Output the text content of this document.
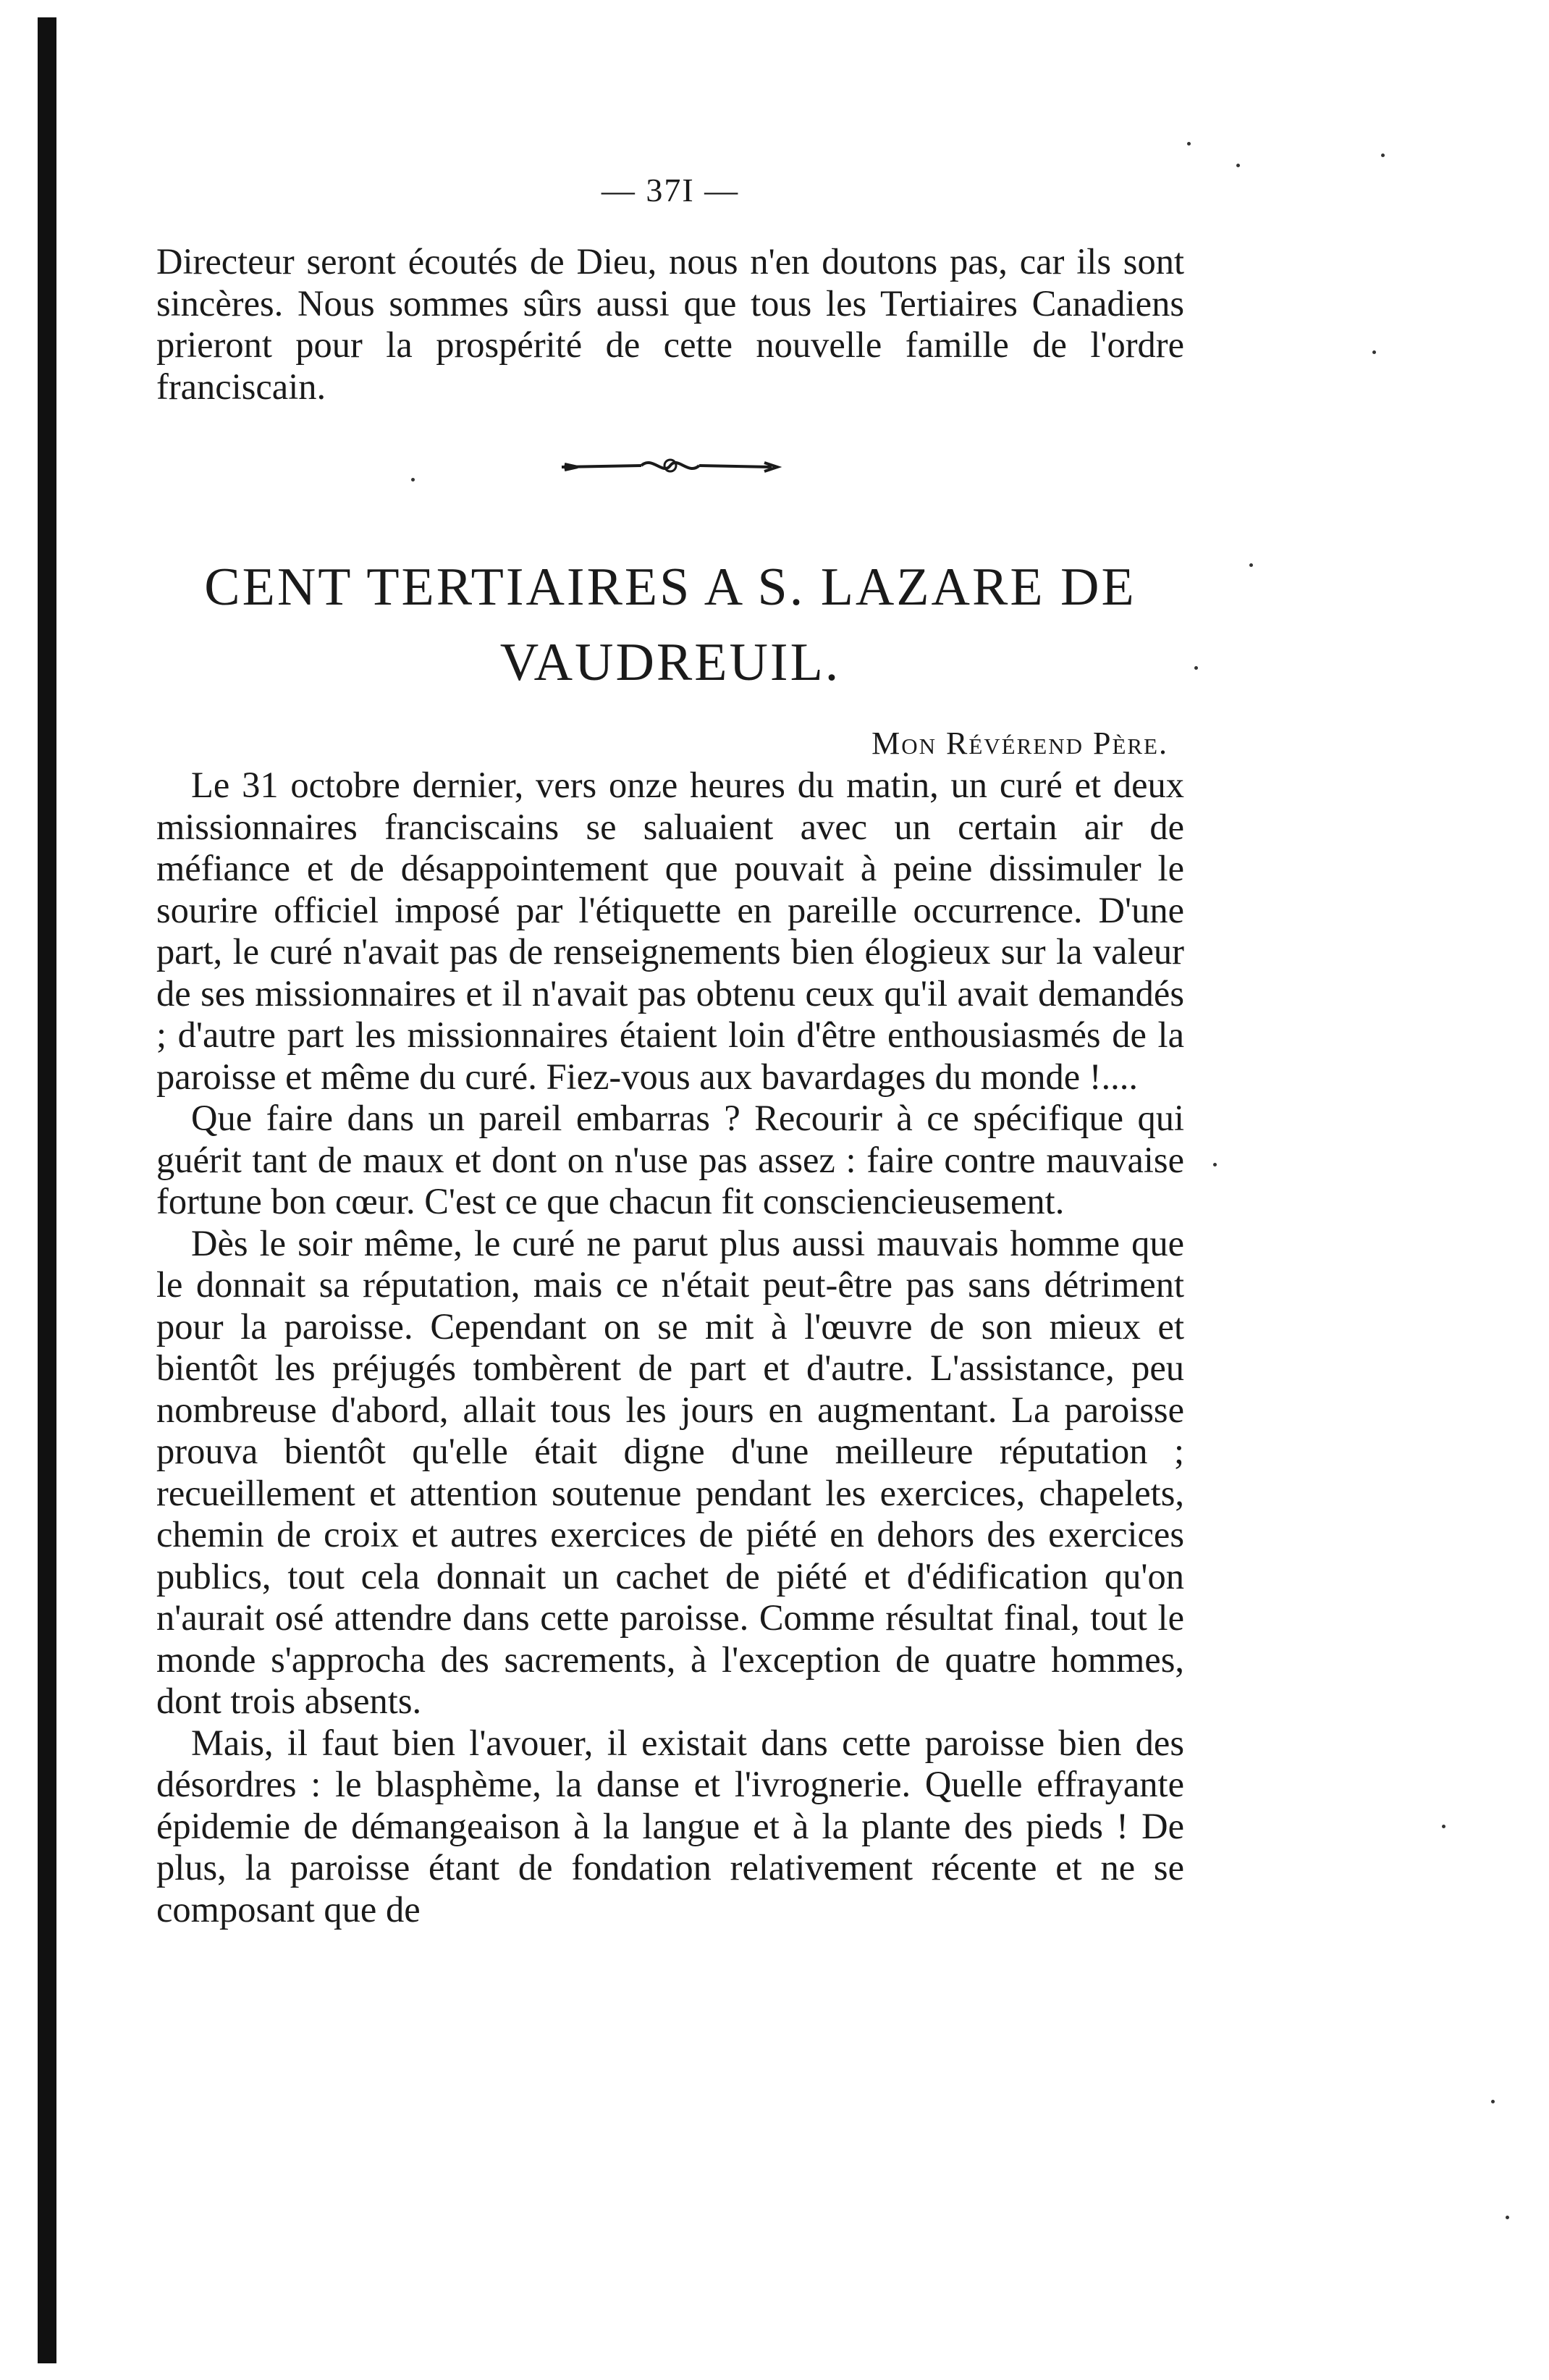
— 37I —

Directeur seront écoutés de Dieu, nous n'en doutons pas, car ils sont sincères. Nous sommes sûrs aussi que tous les Tertiaires Canadiens prieront pour la prospérité de cette nouvelle famille de l'ordre franciscain.

CENT TERTIAIRES A S. LAZARE DE
VAUDREUIL.
Mon Révérend Père.

Le 31 octobre dernier, vers onze heures du matin, un curé et deux missionnaires franciscains se saluaient avec un certain air de méfiance et de désappointement que pouvait à peine dissimuler le sourire officiel imposé par l'étiquette en pareille occurrence. D'une part, le curé n'avait pas de renseignements bien élogieux sur la valeur de ses missionnaires et il n'avait pas obtenu ceux qu'il avait demandés ; d'autre part les missionnaires étaient loin d'être enthousiasmés de la paroisse et même du curé. Fiez-vous aux bavardages du monde !....

Que faire dans un pareil embarras ? Recourir à ce spécifique qui guérit tant de maux et dont on n'use pas assez : faire contre mauvaise fortune bon cœur. C'est ce que chacun fit consciencieusement.

Dès le soir même, le curé ne parut plus aussi mauvais homme que le donnait sa réputation, mais ce n'était peut-être pas sans détriment pour la paroisse. Cependant on se mit à l'œuvre de son mieux et bientôt les préjugés tombèrent de part et d'autre. L'assistance, peu nombreuse d'abord, allait tous les jours en augmentant. La paroisse prouva bientôt qu'elle était digne d'une meilleure réputation ; recueillement et attention soutenue pendant les exercices, chapelets, chemin de croix et autres exercices de piété en dehors des exercices publics, tout cela donnait un cachet de piété et d'édification qu'on n'aurait osé attendre dans cette paroisse. Comme résultat final, tout le monde s'approcha des sacrements, à l'exception de quatre hommes, dont trois absents.

Mais, il faut bien l'avouer, il existait dans cette paroisse bien des désordres : le blasphème, la danse et l'ivrognerie. Quelle effrayante épidemie de démangeaison à la langue et à la plante des pieds ! De plus, la paroisse étant de fondation relativement récente et ne se composant que de
